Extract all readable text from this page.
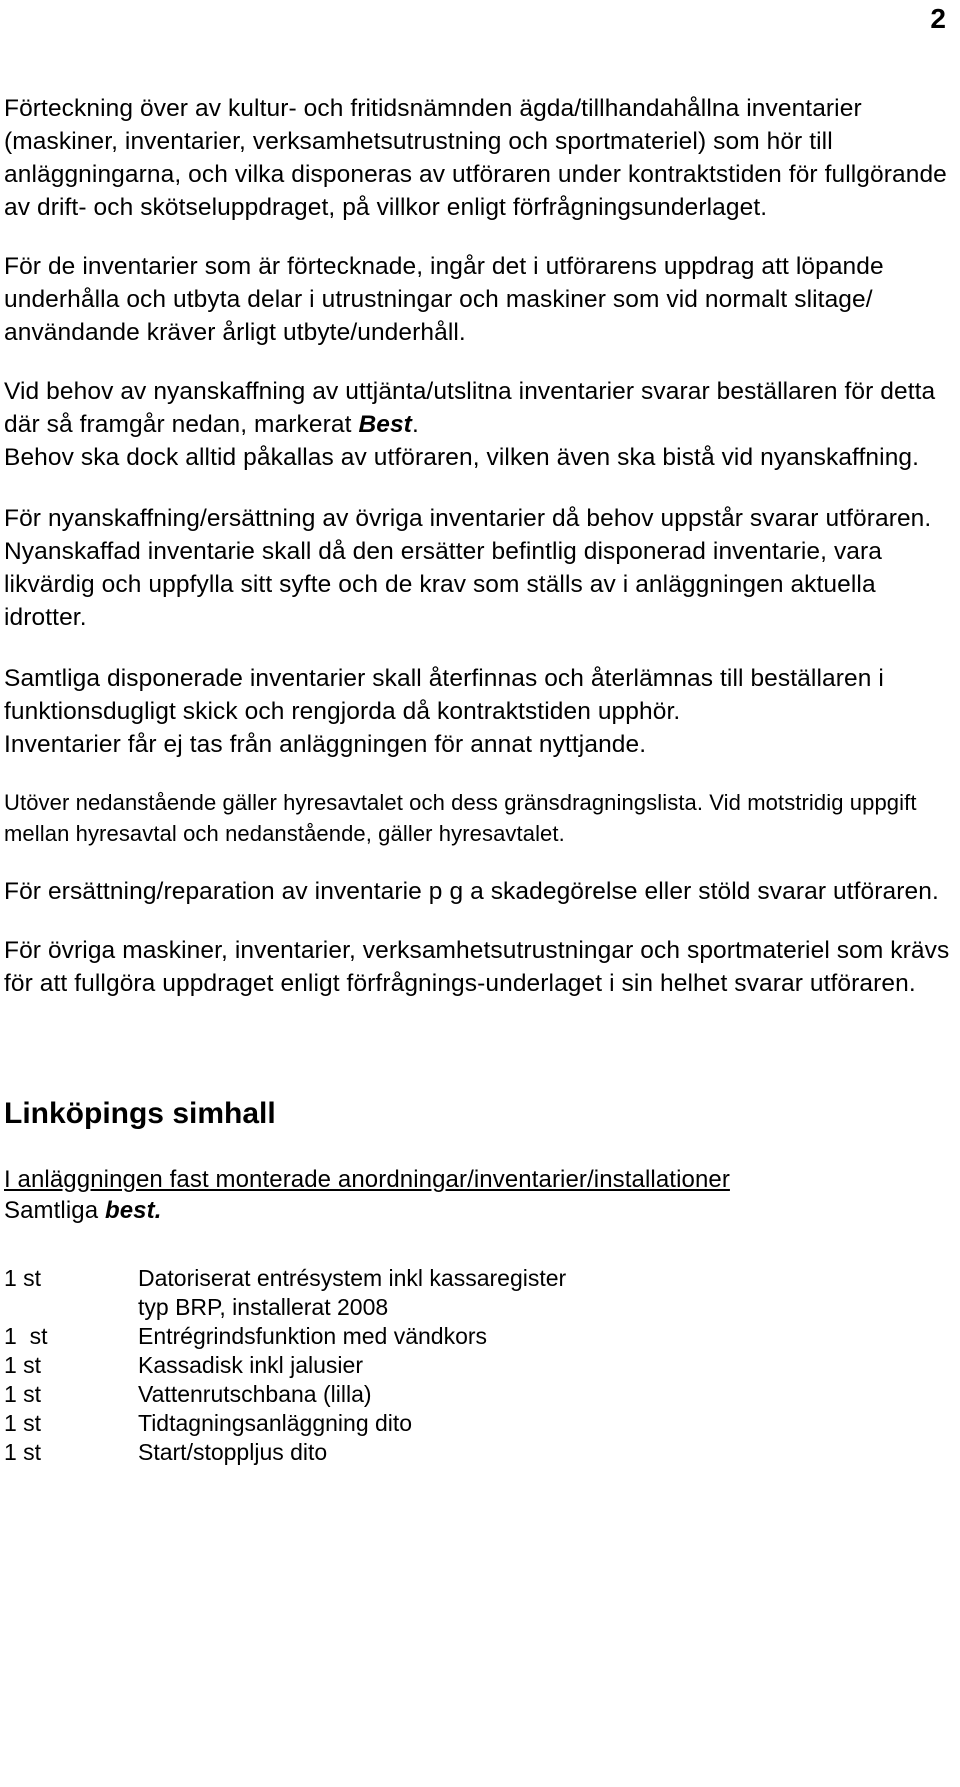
2

Förteckning över av kultur- och fritidsnämnden ägda/tillhandahållna inventarier (maskiner, inventarier, verksamhetsutrustning och sportmateriel) som hör till anläggningarna, och vilka disponeras av utföraren under kontraktstiden för fullgörande av drift- och skötseluppdraget, på villkor enligt förfrågningsunderlaget.

För de inventarier som är förtecknade, ingår det i utförarens uppdrag att löpande underhålla och utbyta delar i utrustningar och maskiner som vid normalt slitage/ användande kräver årligt utbyte/underhåll.

Vid behov av nyanskaffning av uttjänta/utslitna inventarier svarar beställaren för detta där så framgår nedan, markerat Best.

Behov ska dock alltid påkallas av utföraren, vilken även ska bistå vid nyanskaffning.

För nyanskaffning/ersättning av övriga inventarier då behov uppstår svarar utföraren. Nyanskaffad inventarie skall då den ersätter befintlig disponerad inventarie, vara likvärdig och uppfylla sitt syfte och de krav som ställs av i anläggningen aktuella idrotter.

Samtliga disponerade inventarier skall återfinnas och återlämnas till beställaren i funktionsdugligt skick och rengjorda då kontraktstiden upphör.

Inventarier får ej tas från anläggningen för annat nyttjande.

Utöver nedanstående gäller hyresavtalet och dess gränsdragningslista. Vid motstridig uppgift mellan hyresavtal och nedanstående, gäller hyresavtalet.

För ersättning/reparation av inventarie p g a skadegörelse eller stöld svarar utföraren.

För övriga maskiner, inventarier, verksamhetsutrustningar och sportmateriel som krävs för att fullgöra uppdraget enligt förfrågnings-underlaget i sin helhet svarar utföraren.

Linköpings simhall

I anläggningen fast monterade anordningar/inventarier/installationer

Samtliga best.

1 st	Datoriserat entrésystem inkl kassaregister
typ BRP, installerat 2008

1  st	Entrégrindsfunktion med vändkors
1 st	Kassadisk inkl jalusier
1 st	Vattenrutschbana (lilla)
1 st	Tidtagningsanläggning dito
1 st	Start/stoppljus dito
